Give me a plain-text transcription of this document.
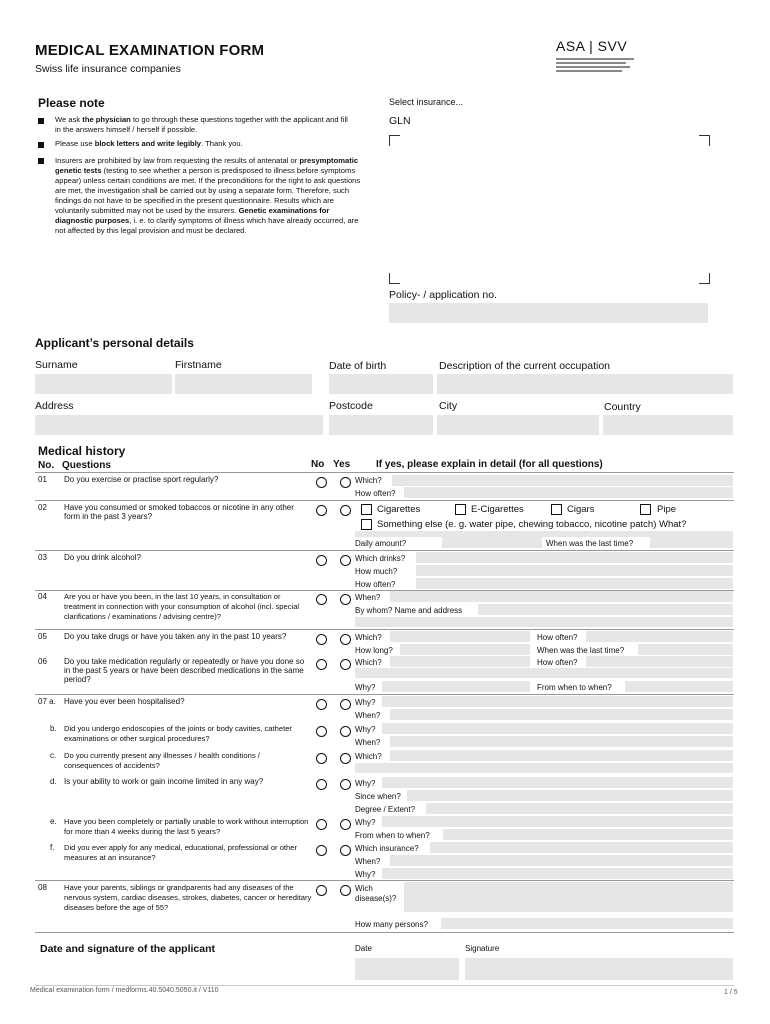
MEDICAL EXAMINATION FORM
Swiss life insurance companies
ASA | SVV
Please note
We ask the physician to go through these questions together with the applicant and fill in the answers himself / herself if possible.
Please use block letters and write legibly. Thank you.
Insurers are prohibited by law from requesting the results of antenatal or presymptomatic genetic tests (testing to see whether a person is predisposed to illness before symptoms appear) unless certain conditions are met. If the preconditions for the right to ask questions are met, the investigation shall be carried out by using a separate form. Therefore, such findings do not have to be specified in the present questionnaire. Results which are voluntarily submitted may not be used by the insurers. Genetic examinations for diagnostic purposes, i. e. to clarify symptoms of illness which have already occurred, are not affected by this legal provision and must be declared.
Select insurance...
GLN
Policy- / application no.
Applicant’s personal details
Surname	Firstname	Date of birth	Description of the current occupation
Address	Postcode	City	Country
Medical history
No. Questions	No Yes	If yes, please explain in detail (for all questions)
01 Do you exercise or practise sport regularly?	Which?
How often?
02 Have you consumed or smoked tobaccos or nicotine in any other form in the past 3 years?
Cigarettes	E-Cigarettes	Cigars	Pipe
Something else (e. g. water pipe, chewing tobacco, nicotine patch) What?
Daily amount?	When was the last time?
03 Do you drink alcohol?	Which drinks?
How much?
How often?
04 Are you or have you been, in the last 10 years, in consultation or treatment in connection with your consumption of alcohol (incl. special clarifications / examinations / advising centre)?
When?
By whom? Name and address
05 Do you take drugs or have you taken any in the past 10 years?	Which?	How often?
How long?	When was the last time?
06 Do you take medication regularly or repeatedly or have you done so in the past 5 years or have been described medications in the same period?
Which?	How often?
Why?	From when to when?
07 a. Have you ever been hospitalised?	Why?
When?
b. Did you undergo endoscopies of the joints or body cavities, catheter examinations or other surgical procedures?
Why?
When?
c. Do you currently present any illnesses / health conditions / consequences of accidents?
Which?
d. Is your ability to work or gain income limited in any way?	Why?
Since when?
Degree / Extent?
e. Have you been completely or partially unable to work without interruption for more than 4 weeks during the last 5 years?
Why?
From when to when?
f. Did you ever apply for any medical, educational, professional or other measures at an insurance?
Which insurance?
When?
Why?
08 Have your parents, siblings or grandparents had any diseases of the nervous system, cardiac diseases, strokes, diabetes, cancer or hereditary diseases before the age of 55?
Wich disease(s)?
How many persons?
Date and signature of the applicant	Date	Signature
Medical examination form / medforms.40.5040.5050.it / V110	1 / 5
